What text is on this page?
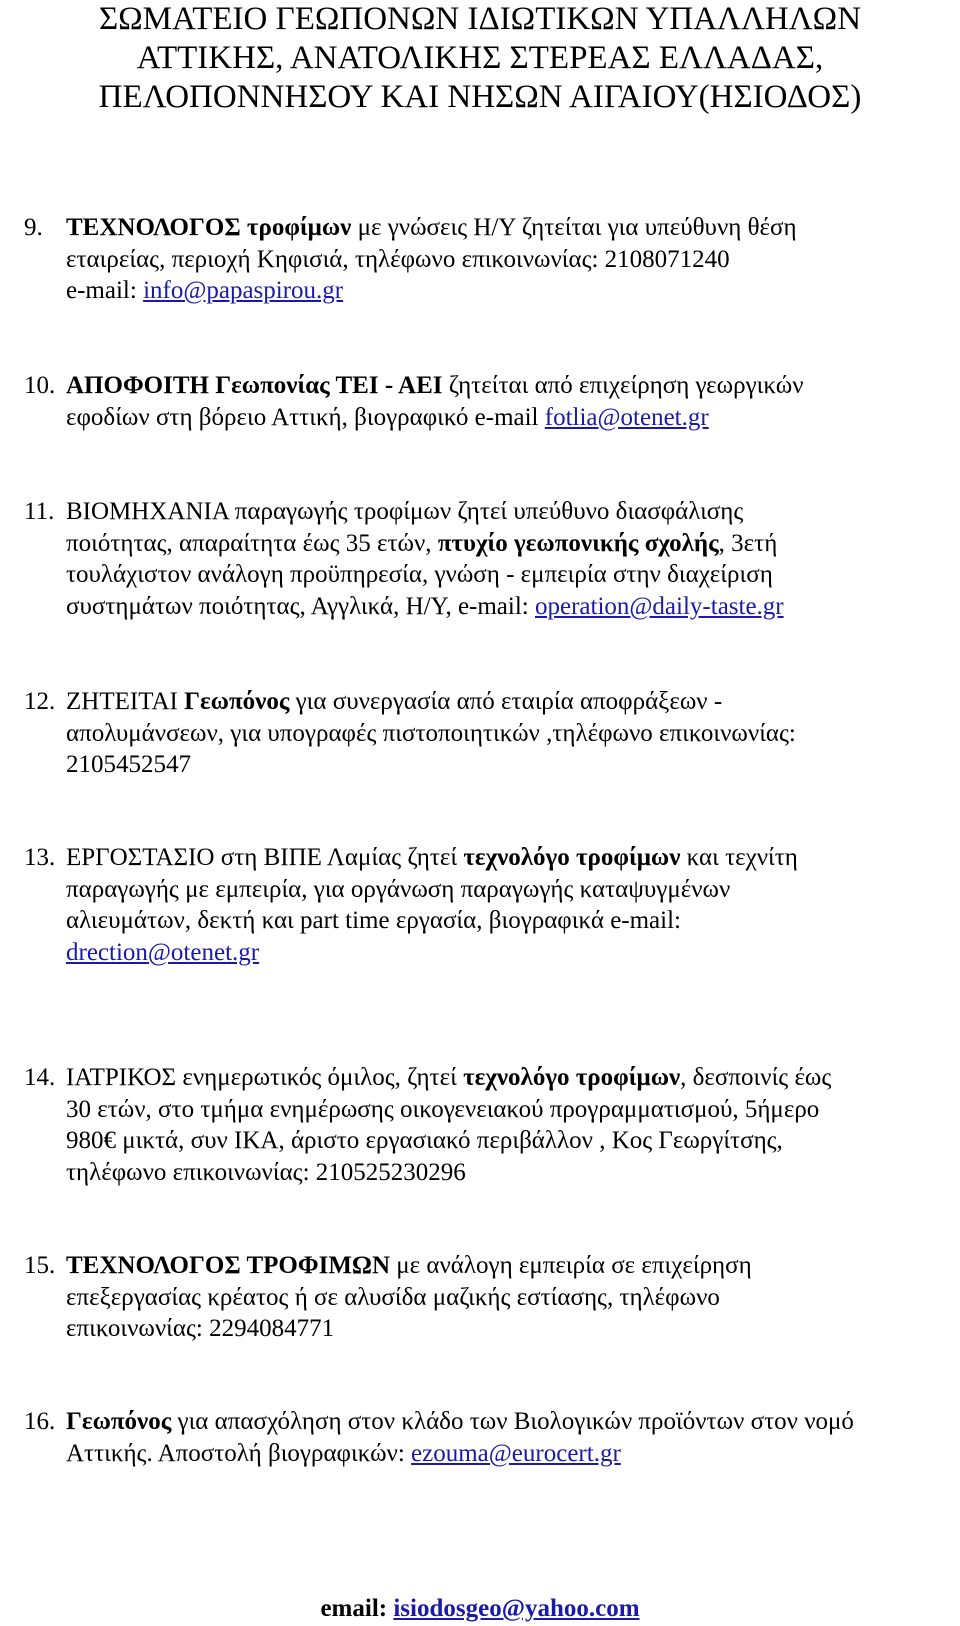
ΣΩΜΑΤΕΙΟ ΓΕΩΠΟΝΩΝ ΙΔΙΩΤΙΚΩΝ ΥΠΑΛΛΗΛΩΝ
ΑΤΤΙΚΗΣ, ΑΝΑΤΟΛΙΚΗΣ ΣΤΕΡΕΑΣ ΕΛΛΑΔΑΣ,
ΠΕΛΟΠΟΝΝΗΣΟΥ ΚΑΙ ΝΗΣΩΝ ΑΙΓΑΙΟΥ(ΗΣΙΟΔΟΣ)
9. ΤΕΧΝΟΛΟΓΟΣ τροφίμων με γνώσεις Η/Υ ζητείται για υπεύθυνη θέση
εταιρείας, περιοχή Κηφισιά, τηλέφωνο επικοινωνίας: 2108071240
e-mail: info@papaspirou.gr
10. ΑΠΟΦΟΙΤΗ Γεωπονίας ΤΕΙ - ΑΕΙ ζητείται από επιχείρηση γεωργικών
εφοδίων στη βόρειο Αττική, βιογραφικό e-mail fotlia@otenet.gr
11. ΒΙΟΜΗΧΑΝΙΑ παραγωγής τροφίμων ζητεί υπεύθυνο διασφάλισης
ποιότητας, απαραίτητα έως 35 ετών, πτυχίο γεωπονικής σχολής, 3ετή
τουλάχιστον ανάλογη προϋπηρεσία, γνώση - εμπειρία στην διαχείριση
συστημάτων ποιότητας, Αγγλικά, Η/Υ, e-mail: operation@daily-taste.gr
12. ΖΗΤΕΙΤΑΙ Γεωπόνος για συνεργασία από εταιρία αποφράξεων -
απολυμάνσεων, για υπογραφές πιστοποιητικών ,τηλέφωνο επικοινωνίας:
2105452547
13. ΕΡΓΟΣΤΑΣΙΟ στη ΒΙΠΕ Λαμίας ζητεί τεχνολόγο τροφίμων και τεχνίτη
παραγωγής με εμπειρία, για οργάνωση παραγωγής καταψυγμένων
αλιευμάτων, δεκτή και part time εργασία, βιογραφικά e-mail:
drection@otenet.gr
14. ΙΑΤΡΙΚΟΣ ενημερωτικός όμιλος, ζητεί τεχνολόγο τροφίμων, δεσποινίς έως
30 ετών, στο τμήμα ενημέρωσης οικογενειακού προγραμματισμού, 5ήμερο
980€ μικτά, συν ΙΚΑ, άριστο εργασιακό περιβάλλον , Κος Γεωργίτσης,
τηλέφωνο επικοινωνίας: 210525230296
15. ΤΕΧΝΟΛΟΓΟΣ ΤΡΟΦΙΜΩΝ με ανάλογη εμπειρία σε επιχείρηση
επεξεργασίας κρέατος ή σε αλυσίδα μαζικής εστίασης, τηλέφωνο
επικοινωνίας: 2294084771
16. Γεωπόνος για απασχόληση στον κλάδο των Βιολογικών προϊόντων στον νομό
Αττικής. Αποστολή βιογραφικών: ezouma@eurocert.gr
email: isiodosgeo@yahoo.com
